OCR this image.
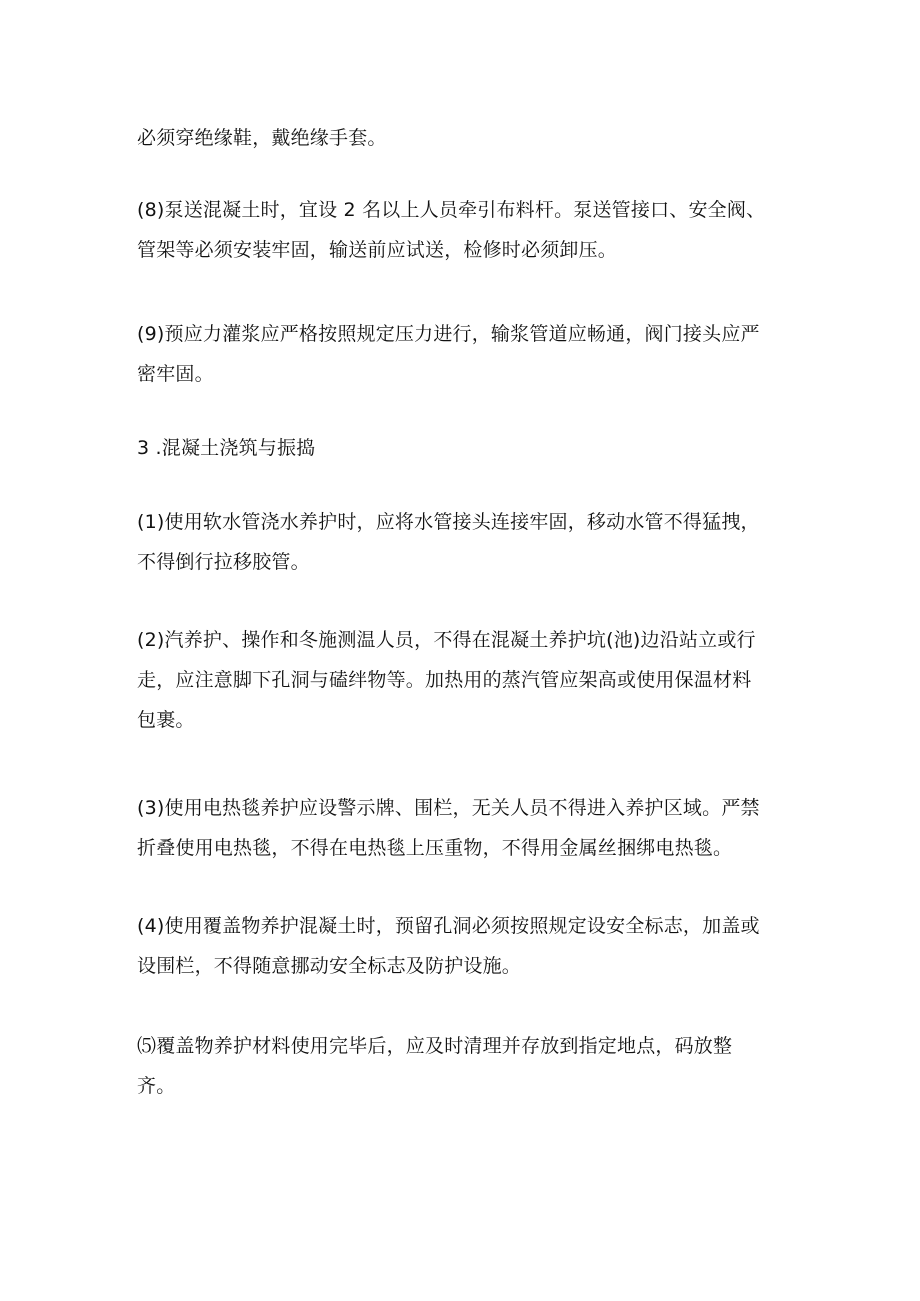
必须穿绝缘鞋，戴绝缘手套。

(8)泵送混凝土时，宜设 2 名以上人员牵引布料杆。泵送管接口、安全阀、
管架等必须安装牢固，输送前应试送，检修时必须卸压。

(9)预应力灌浆应严格按照规定压力进行，输浆管道应畅通，阀门接头应严
密牢固。

3 .混凝土浇筑与振捣

(1)使用软水管浇水养护时，应将水管接头连接牢固，移动水管不得猛拽，
不得倒行拉移胶管。

(2)汽养护、操作和冬施测温人员，不得在混凝土养护坑(池)边沿站立或行
走，应注意脚下孔洞与磕绊物等。加热用的蒸汽管应架高或使用保温材料
包裹。

(3)使用电热毯养护应设警示牌、围栏，无关人员不得进入养护区域。严禁
折叠使用电热毯，不得在电热毯上压重物，不得用金属丝捆绑电热毯。

(4)使用覆盖物养护混凝土时，预留孔洞必须按照规定设安全标志，加盖或
设围栏，不得随意挪动安全标志及防护设施。

⑸覆盖物养护材料使用完毕后，应及时清理并存放到指定地点，码放整
齐。
